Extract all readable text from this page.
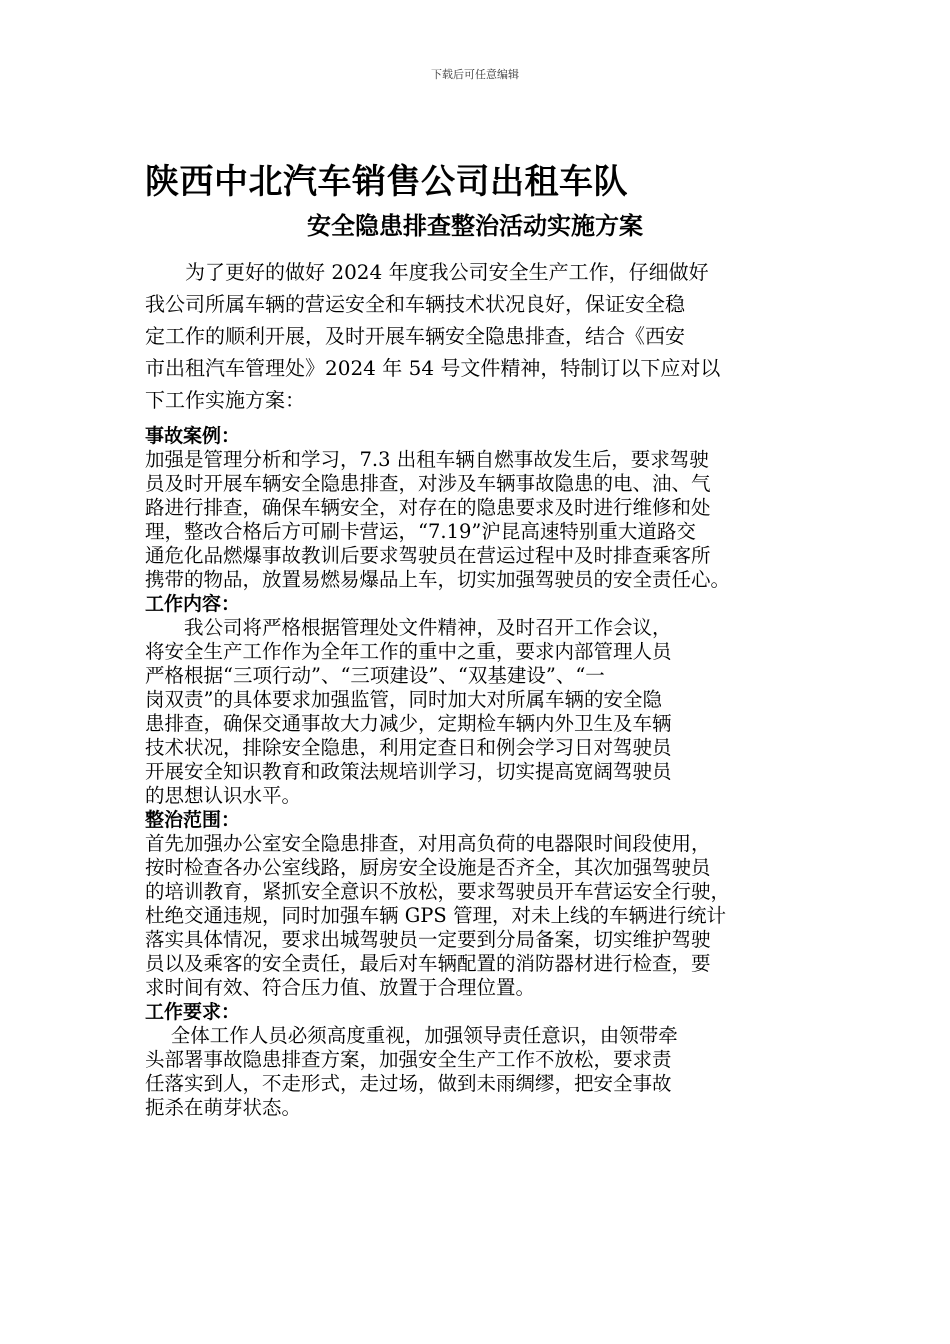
下载后可任意编辑
陕西中北汽车销售公司出租车队
安全隐患排查整治活动实施方案
　　为了更好的做好 2024 年度我公司安全生产工作，仔细做好
我公司所属车辆的营运安全和车辆技术状况良好，保证安全稳
定工作的顺利开展，及时开展车辆安全隐患排查，结合《西安
市出租汽车管理处》2024 年 54 号文件精神，特制订以下应对以
下工作实施方案：
事故案例：
加强是管理分析和学习，7.3 出租车辆自燃事故发生后，要求驾驶
员及时开展车辆安全隐患排查，对涉及车辆事故隐患的电、油、气
路进行排查，确保车辆安全，对存在的隐患要求及时进行维修和处
理，整改合格后方可刷卡营运，“7.19”沪昆高速特别重大道路交
通危化品燃爆事故教训后要求驾驶员在营运过程中及时排查乘客所
携带的物品，放置易燃易爆品上车，切实加强驾驶员的安全责任心。
工作内容：
　　我公司将严格根据管理处文件精神，及时召开工作会议，
将安全生产工作作为全年工作的重中之重，要求内部管理人员
严格根据“三项行动”、“三项建设”、“双基建设”、“一
岗双责”的具体要求加强监管，同时加大对所属车辆的安全隐
患排查，确保交通事故大力减少，定期检车辆内外卫生及车辆
技术状况，排除安全隐患，利用定查日和例会学习日对驾驶员
开展安全知识教育和政策法规培训学习，切实提高宽阔驾驶员
的思想认识水平。
整治范围：
首先加强办公室安全隐患排查，对用高负荷的电器限时间段使用，
按时检查各办公室线路，厨房安全设施是否齐全，其次加强驾驶员
的培训教育，紧抓安全意识不放松，要求驾驶员开车营运安全行驶，
杜绝交通违规，同时加强车辆 GPS 管理，对未上线的车辆进行统计
落实具体情况，要求出城驾驶员一定要到分局备案，切实维护驾驶
员以及乘客的安全责任，最后对车辆配置的消防器材进行检查，要
求时间有效、符合压力值、放置于合理位置。
工作要求：
　 全体工作人员必须高度重视，加强领导责任意识，由领带牵
头部署事故隐患排查方案，加强安全生产工作不放松，要求责
任落实到人，不走形式，走过场，做到未雨绸缪，把安全事故
扼杀在萌芽状态。
